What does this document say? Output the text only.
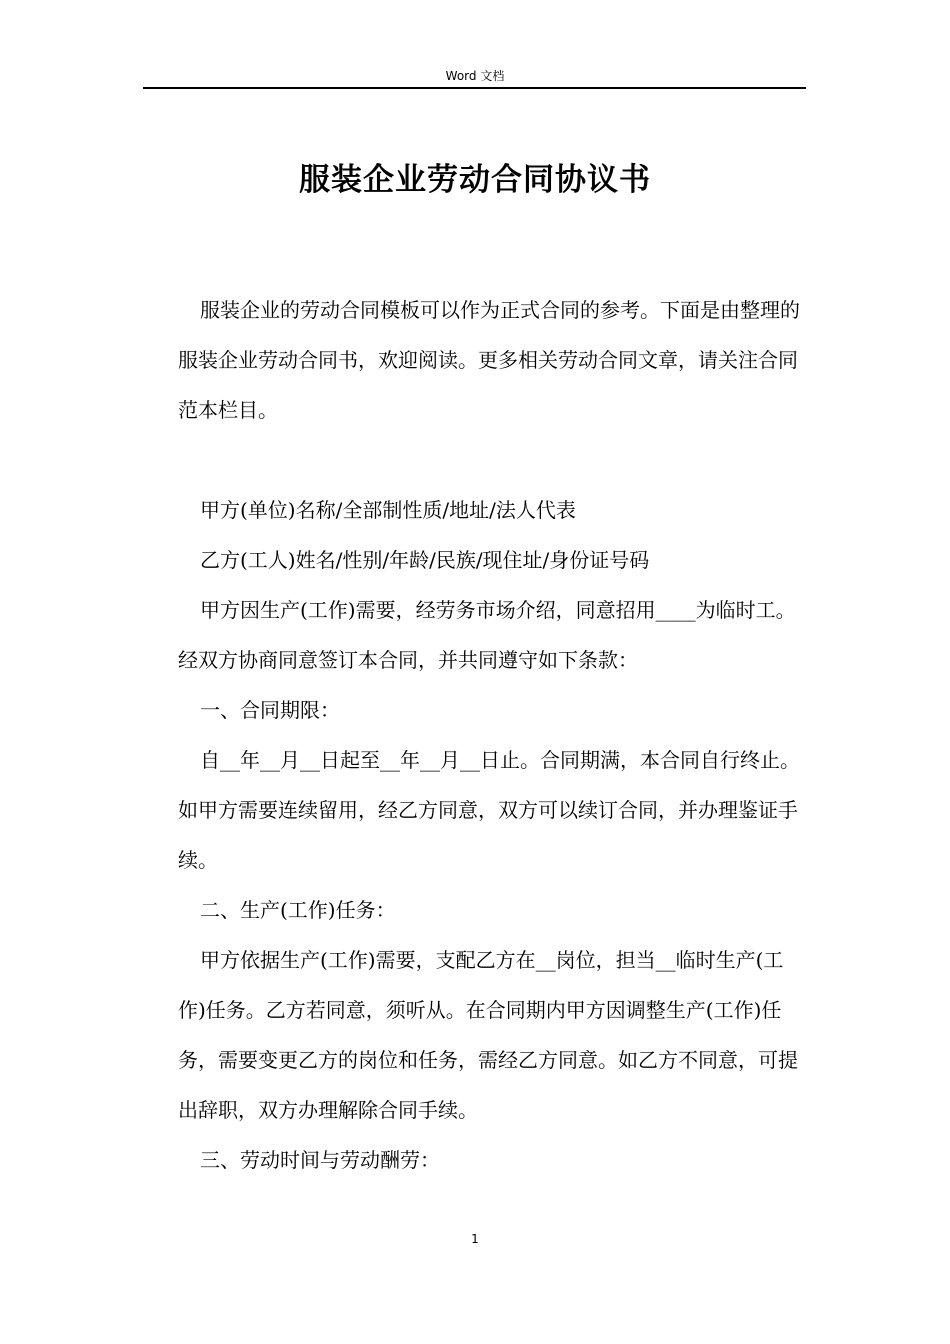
Word 文档
服装企业劳动合同协议书

服装企业的劳动合同模板可以作为正式合同的参考。下面是由整理的服装企业劳动合同书，欢迎阅读。更多相关劳动合同文章，请关注合同范本栏目。

甲方(单位)名称/全部制性质/地址/法人代表

乙方(工人)姓名/性别/年龄/民族/现住址/身份证号码

甲方因生产(工作)需要，经劳务市场介绍，同意招用____为临时工。经双方协商同意签订本合同，并共同遵守如下条款：

一、合同期限：

自__年__月__日起至__年__月__日止。合同期满，本合同自行终止。如甲方需要连续留用，经乙方同意，双方可以续订合同，并办理鉴证手续。

二、生产(工作)任务：

甲方依据生产(工作)需要，支配乙方在__岗位，担当__临时生产(工作)任务。乙方若同意，须听从。在合同期内甲方因调整生产(工作)任务，需要变更乙方的岗位和任务，需经乙方同意。如乙方不同意，可提出辞职，双方办理解除合同手续。

三、劳动时间与劳动酬劳：

1
